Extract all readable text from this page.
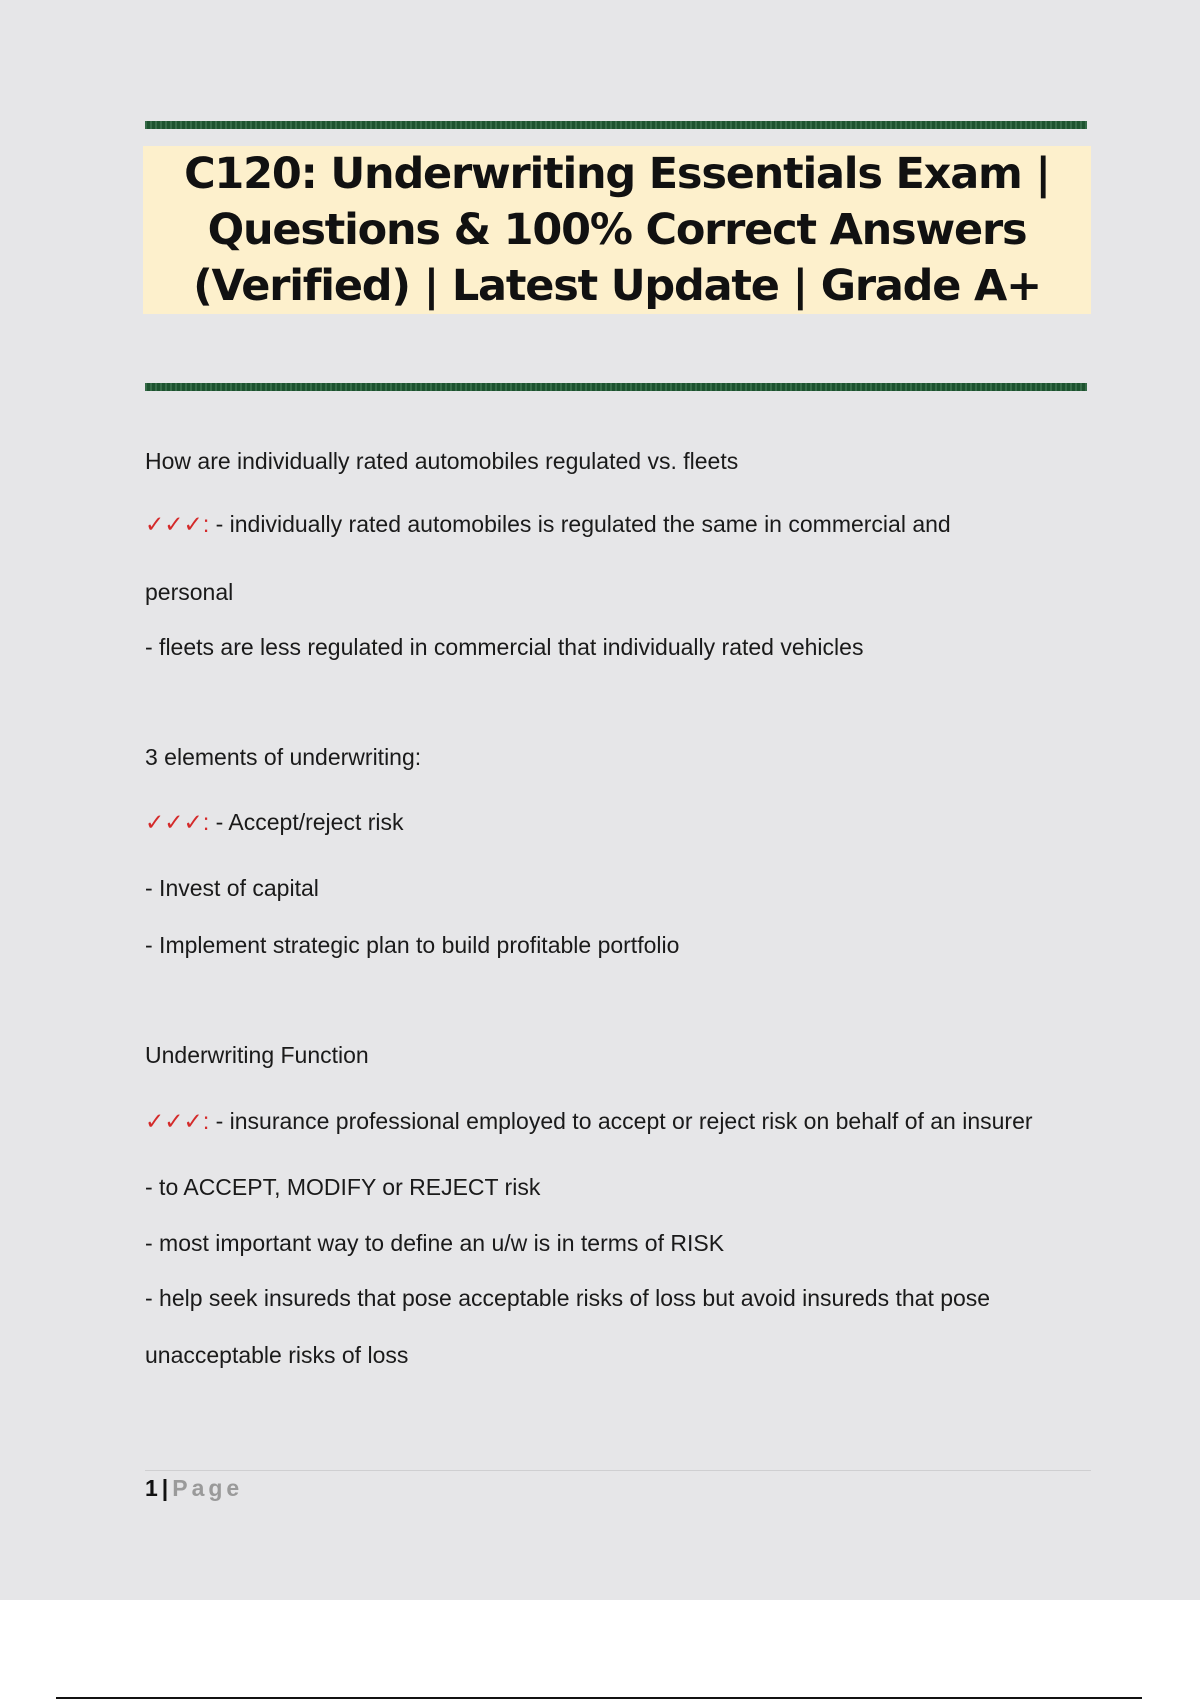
C120: Underwriting Essentials Exam | Questions & 100% Correct Answers (Verified) | Latest Update | Grade A+
How are individually rated automobiles regulated vs. fleets
✓✓✓: - individually rated automobiles is regulated the same in commercial and
personal
- fleets are less regulated in commercial that individually rated vehicles
3 elements of underwriting:
✓✓✓: - Accept/reject risk
- Invest of capital
- Implement strategic plan to build profitable portfolio
Underwriting Function
✓✓✓: - insurance professional employed to accept or reject risk on behalf of an insurer
- to ACCEPT, MODIFY or REJECT risk
- most important way to define an u/w is in terms of RISK
- help seek insureds that pose acceptable risks of loss but avoid insureds that pose
unacceptable risks of loss
1 | Page
